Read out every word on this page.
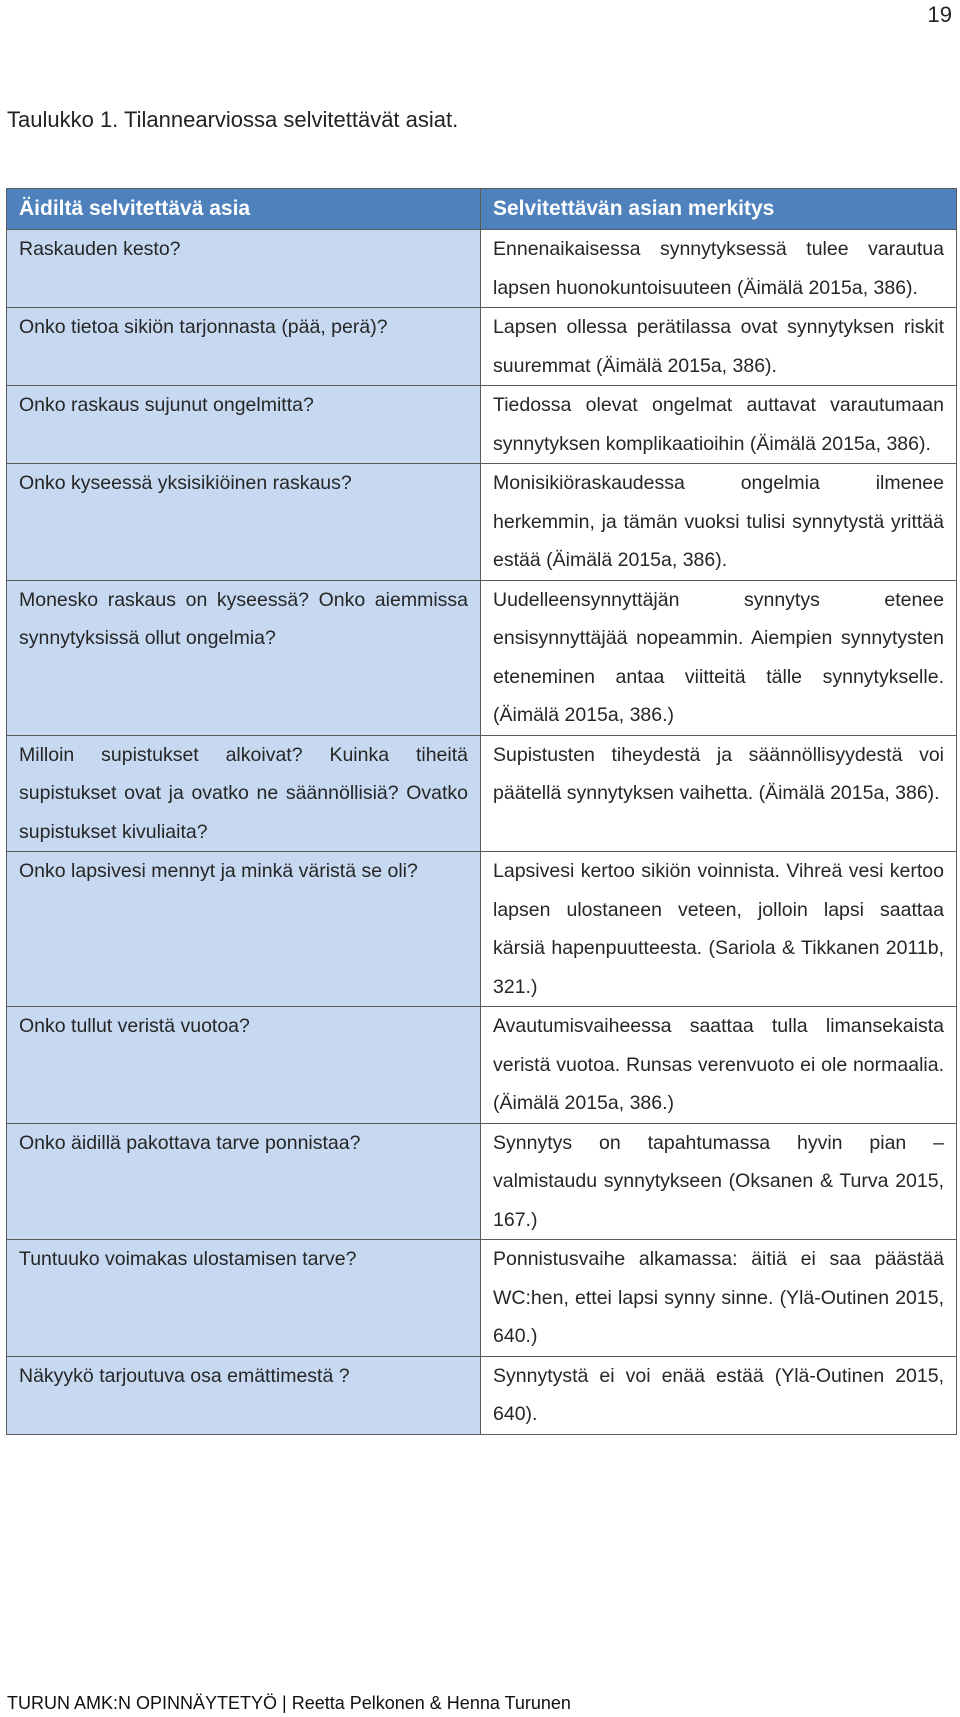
19
Taulukko 1. Tilannearviossa selvitettävät asiat.
Äidiltä selvitettävä asia	Selvitettävän asian merkitys
Raskauden kesto?	Ennenaikaisessa synnytyksessä tulee varautua lapsen huonokuntoisuuteen (Äimälä 2015a, 386).
Onko tietoa sikiön tarjonnasta (pää, perä)?	Lapsen ollessa perätilassa ovat synnytyksen riskit suuremmat (Äimälä 2015a, 386).
Onko raskaus sujunut ongelmitta?	Tiedossa olevat ongelmat auttavat varautumaan synnytyksen komplikaatioihin (Äimälä 2015a, 386).
Onko kyseessä yksisikiöinen raskaus?	Monisikiöraskaudessa ongelmia ilmenee herkemmin, ja tämän vuoksi tulisi synnytystä yrittää estää (Äimälä 2015a, 386).
Monesko raskaus on kyseessä? Onko aiemmissa synnytyksissä ollut ongelmia?	Uudelleensynnyttäjän synnytys etenee ensisynnyttäjää nopeammin. Aiempien synnytysten eteneminen antaa viitteitä tälle synnytykselle. (Äimälä 2015a, 386.)
Milloin supistukset alkoivat? Kuinka tiheitä supistukset ovat ja ovatko ne säännöllisiä? Ovatko supistukset kivuliaita?	Supistusten tiheydestä ja säännöllisyydestä voi päätellä synnytyksen vaihetta. (Äimälä 2015a, 386).
Onko lapsivesi mennyt ja minkä väristä se oli?	Lapsivesi kertoo sikiön voinnista. Vihreä vesi kertoo lapsen ulostaneen veteen, jolloin lapsi saattaa kärsiä hapenpuutteesta. (Sariola & Tikkanen 2011b, 321.)
Onko tullut veristä vuotoa?	Avautumisvaiheessa saattaa tulla limansekaista veristä vuotoa. Runsas verenvuoto ei ole normaalia. (Äimälä 2015a, 386.)
Onko äidillä pakottava tarve ponnistaa?	Synnytys on tapahtumassa hyvin pian – valmistaudu synnytykseen (Oksanen & Turva 2015, 167.)
Tuntuuko voimakas ulostamisen tarve?	Ponnistusvaihe alkamassa: äitiä ei saa päästää WC:hen, ettei lapsi synny sinne. (Ylä-Outinen 2015, 640.)
Näkyykö tarjoutuva osa emättimestä ?	Synnytystä ei voi enää estää (Ylä-Outinen 2015, 640).
TURUN AMK:N OPINNÄYTETYÖ | Reetta Pelkonen & Henna Turunen
